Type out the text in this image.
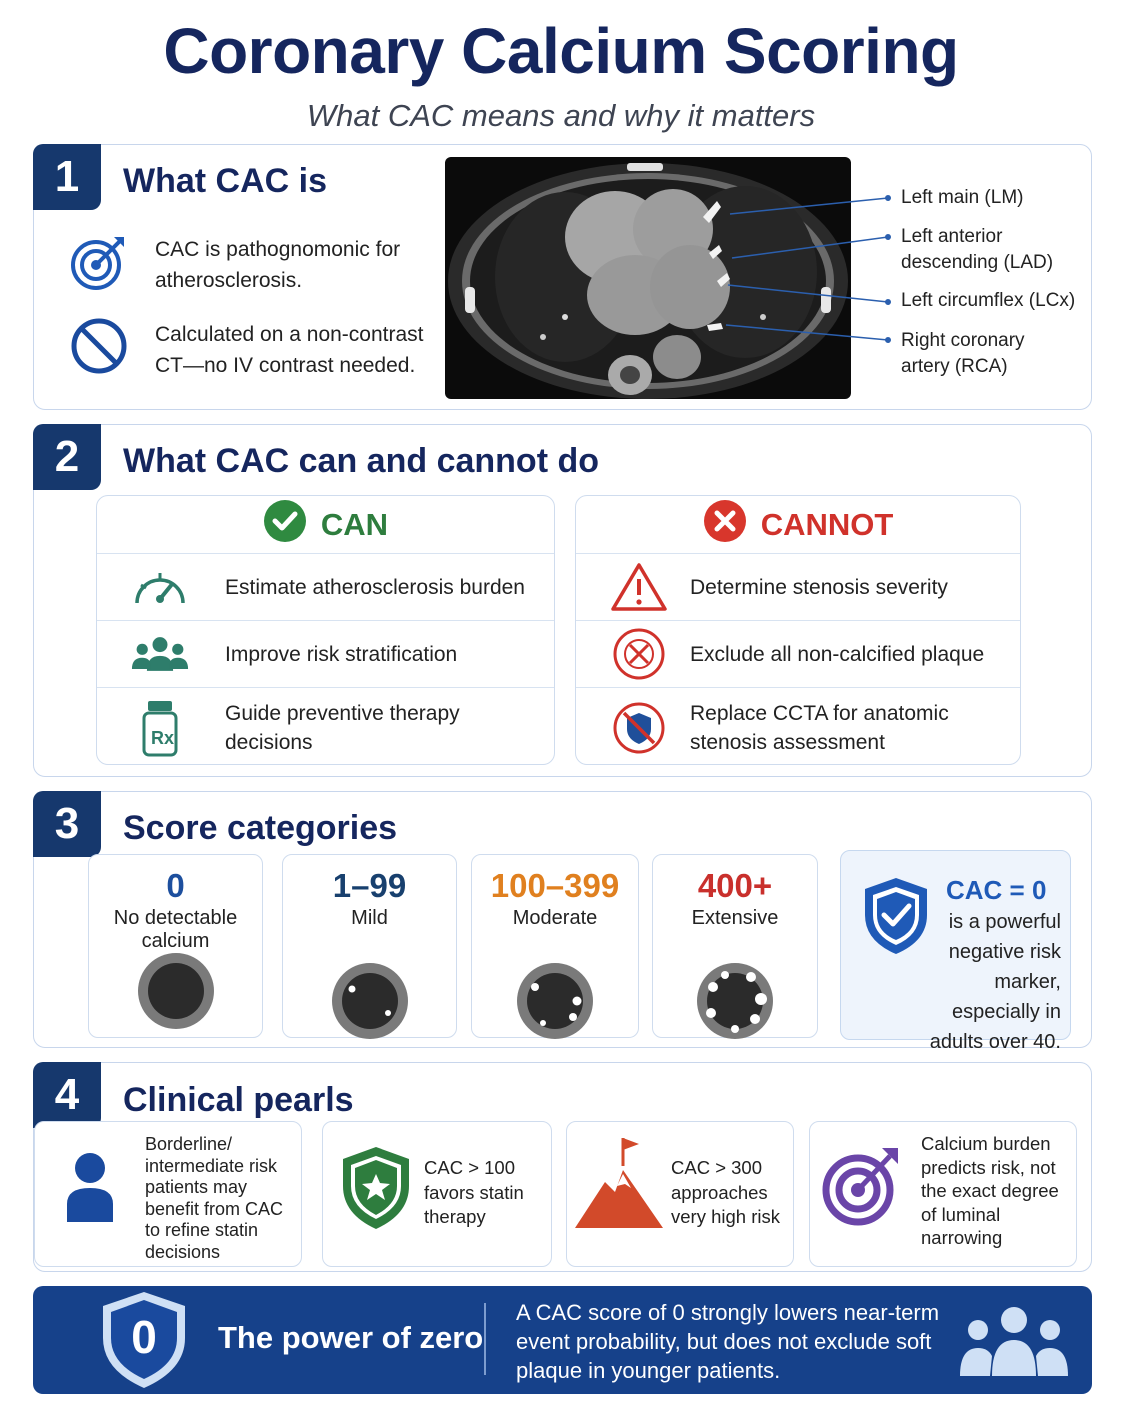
Coronary Calcium Scoring
What CAC means and why it matters
1	What CAC is
CAC is pathognomonic for atherosclerosis.
Calculated on a non-contrast CT—no IV contrast needed.
Left main (LM)
Left anterior descending (LAD)
Left circumflex (LCx)
Right coronary artery (RCA)
2	What CAC can and cannot do
CAN
Estimate atherosclerosis burden
Improve risk stratification
Rx
Guide preventive therapy decisions
CANNOT
Determine stenosis severity
Exclude all non-calcified plaque
Replace CCTA for anatomic stenosis assessment
3	Score categories
0
No detectable calcium
1–99
Mild
100–399
Moderate
400+
Extensive
CAC = 0
is a powerful negative risk marker, especially in adults over 40.
4	Clinical pearls
Borderline/ intermediate risk patients may benefit from CAC to refine statin decisions
CAC > 100 favors statin therapy
CAC > 300 approaches very high risk
Calcium burden predicts risk, not the exact degree of luminal narrowing
0	The power of zero
A CAC score of 0 strongly lowers near-term event probability, but does not exclude soft plaque in younger patients.
